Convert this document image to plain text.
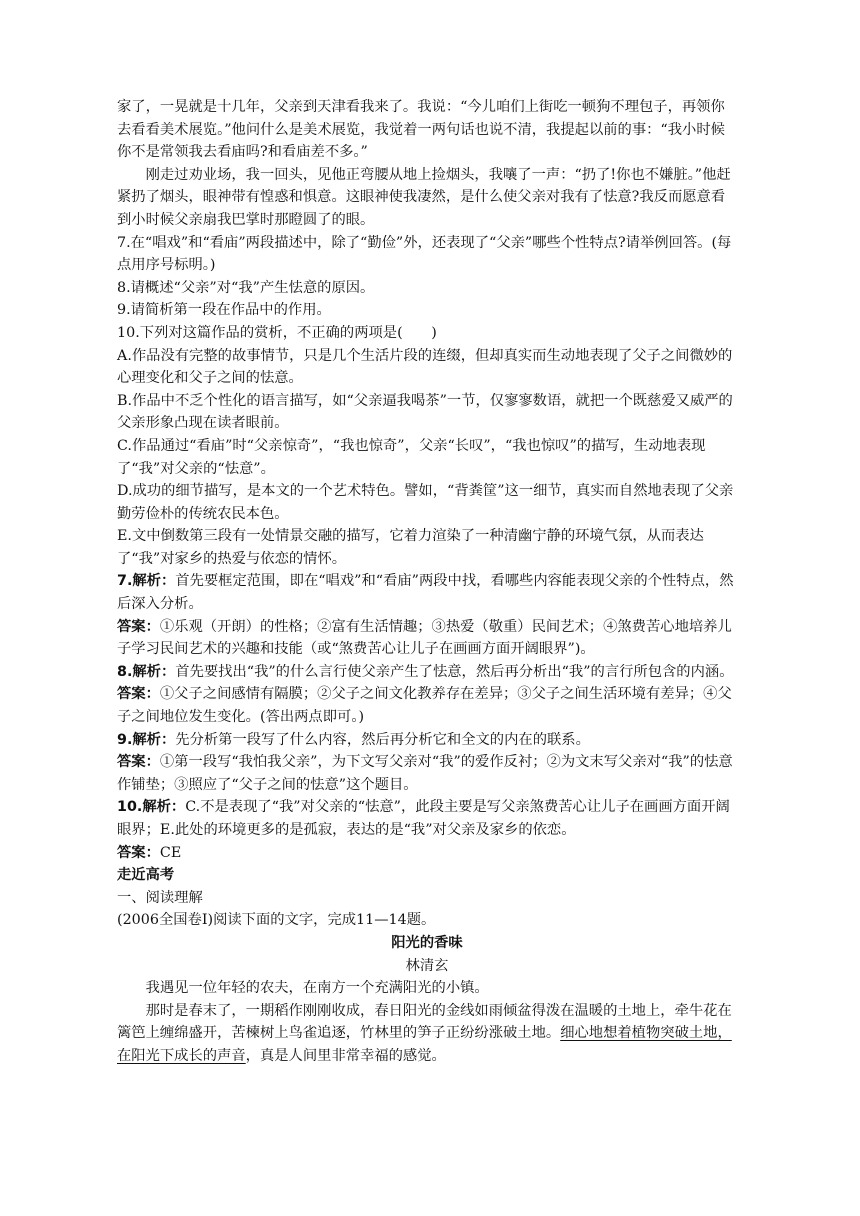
家了，一晃就是十几年，父亲到天津看我来了。我说：“今儿咱们上街吃一顿狗不理包子，再领你去看看美术展览。”他问什么是美术展览，我觉着一两句话也说不清，我提起以前的事：“我小时候你不是常领我去看庙吗?和看庙差不多。”

刚走过劝业场，我一回头，见他正弯腰从地上捡烟头，我嚷了一声：“扔了!你也不嫌脏。”他赶紧扔了烟头，眼神带有惶惑和惧意。这眼神使我凄然，是什么使父亲对我有了怯意?我反而愿意看到小时候父亲扇我巴掌时那瞪圆了的眼。

7.在“唱戏”和“看庙”两段描述中，除了“勤俭”外，还表现了“父亲”哪些个性特点?请举例回答。(每点用序号标明。)

8.请概述“父亲”对“我”产生怯意的原因。

9.请简析第一段在作品中的作用。

10.下列对这篇作品的赏析，不正确的两项是(　　)

A.作品没有完整的故事情节，只是几个生活片段的连缀，但却真实而生动地表现了父子之间微妙的心理变化和父子之间的怯意。

B.作品中不乏个性化的语言描写，如“父亲逼我喝茶”一节，仅寥寥数语，就把一个既慈爱又威严的父亲形象凸现在读者眼前。

C.作品通过“看庙”时“父亲惊奇”，“我也惊奇”，父亲“长叹”，“我也惊叹”的描写，生动地表现了“我”对父亲的“怯意”。

D.成功的细节描写，是本文的一个艺术特色。譬如，“背粪筐”这一细节，真实而自然地表现了父亲勤劳俭朴的传统农民本色。

E.文中倒数第三段有一处情景交融的描写，它着力渲染了一种清幽宁静的环境气氛，从而表达了“我”对家乡的热爱与依恋的情怀。

7.解析：首先要框定范围，即在“唱戏”和“看庙”两段中找，看哪些内容能表现父亲的个性特点，然后深入分析。

答案：①乐观（开朗）的性格；②富有生活情趣；③热爱（敬重）民间艺术；④煞费苦心地培养儿子学习民间艺术的兴趣和技能（或“煞费苦心让儿子在画画方面开阔眼界”)。

8.解析：首先要找出“我”的什么言行使父亲产生了怯意，然后再分析出“我”的言行所包含的内涵。

答案：①父子之间感情有隔膜；②父子之间文化教养存在差异；③父子之间生活环境有差异；④父子之间地位发生变化。(答出两点即可。)

9.解析：先分析第一段写了什么内容，然后再分析它和全文的内在的联系。

答案：①第一段写“我怕我父亲”，为下文写父亲对“我”的爱作反衬；②为文末写父亲对“我”的怯意作铺垫；③照应了“父子之间的怯意”这个题目。

10.解析：C.不是表现了“我”对父亲的“怯意”，此段主要是写父亲煞费苦心让儿子在画画方面开阔眼界；E.此处的环境更多的是孤寂，表达的是“我”对父亲及家乡的依恋。

答案：CE

走近高考

一、阅读理解

(2006全国卷Ⅰ)阅读下面的文字，完成11—14题。

阳光的香味

林清玄

我遇见一位年轻的农夫，在南方一个充满阳光的小镇。

那时是春末了，一期稻作刚刚收成，春日阳光的金线如雨倾盆得泼在温暖的土地上，牵牛花在篱笆上缠绵盛开，苦楝树上鸟雀追逐，竹林里的笋子正纷纷涨破土地。细心地想着植物突破土地，在阳光下成长的声音，真是人间里非常幸福的感觉。
